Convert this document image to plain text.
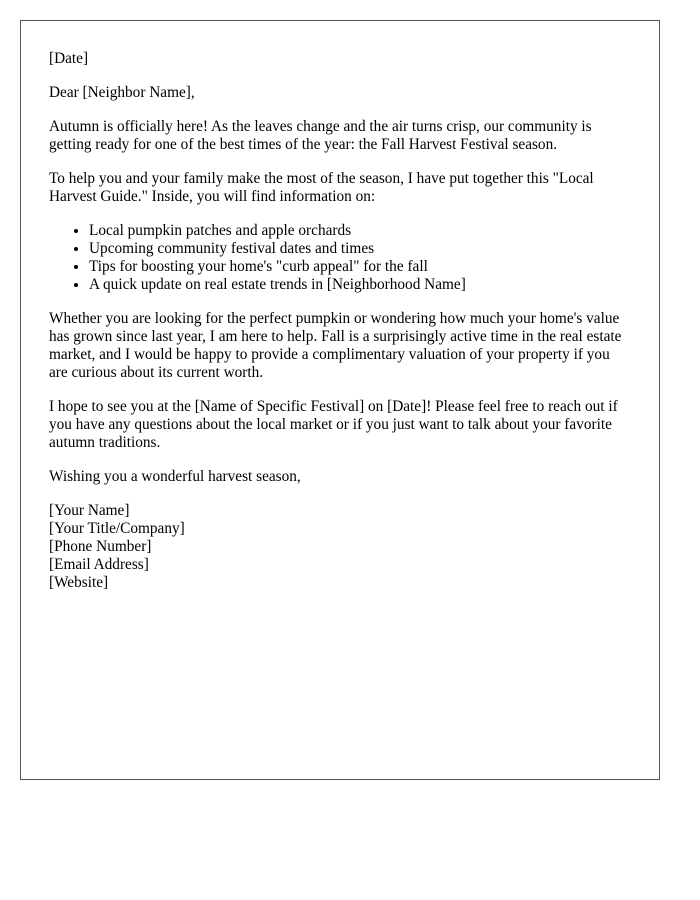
[Date]

Dear [Neighbor Name],

Autumn is officially here! As the leaves change and the air turns crisp, our community is getting ready for one of the best times of the year: the Fall Harvest Festival season.

To help you and your family make the most of the season, I have put together this "Local Harvest Guide." Inside, you will find information on:

• Local pumpkin patches and apple orchards
• Upcoming community festival dates and times
• Tips for boosting your home's "curb appeal" for the fall
• A quick update on real estate trends in [Neighborhood Name]

Whether you are looking for the perfect pumpkin or wondering how much your home's value has grown since last year, I am here to help. Fall is a surprisingly active time in the real estate market, and I would be happy to provide a complimentary valuation of your property if you are curious about its current worth.

I hope to see you at the [Name of Specific Festival] on [Date]! Please feel free to reach out if you have any questions about the local market or if you just want to talk about your favorite autumn traditions.

Wishing you a wonderful harvest season,

[Your Name]
[Your Title/Company]
[Phone Number]
[Email Address]
[Website]
